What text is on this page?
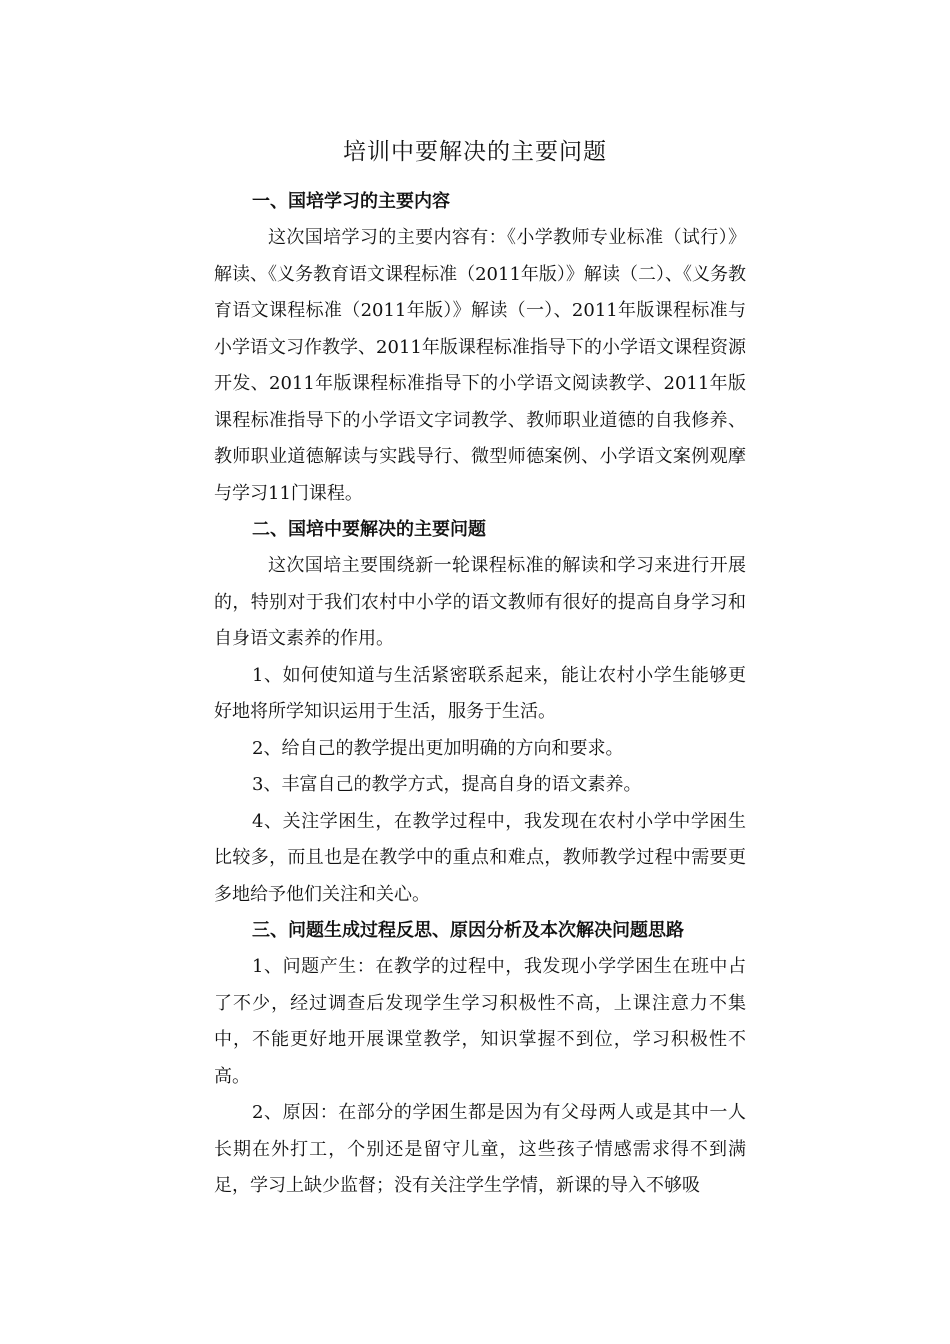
培训中要解决的主要问题

一、国培学习的主要内容

这次国培学习的主要内容有：《小学教师专业标准（试行）》解读、《义务教育语文课程标准（2011年版）》解读（二）、《义务教育语文课程标准（2011年版）》解读（一）、2011年版课程标准与小学语文习作教学、2011年版课程标准指导下的小学语文课程资源开发、2011年版课程标准指导下的小学语文阅读教学、2011年版课程标准指导下的小学语文字词教学、教师职业道德的自我修养、教师职业道德解读与实践导行、微型师德案例、小学语文案例观摩与学习11门课程。

二、国培中要解决的主要问题

这次国培主要围绕新一轮课程标准的解读和学习来进行开展的，特别对于我们农村中小学的语文教师有很好的提高自身学习和自身语文素养的作用。

1、如何使知道与生活紧密联系起来，能让农村小学生能够更好地将所学知识运用于生活，服务于生活。

2、给自己的教学提出更加明确的方向和要求。

3、丰富自己的教学方式，提高自身的语文素养。

4、关注学困生，在教学过程中，我发现在农村小学中学困生比较多，而且也是在教学中的重点和难点，教师教学过程中需要更多地给予他们关注和关心。

三、问题生成过程反思、原因分析及本次解决问题思路

1、问题产生：在教学的过程中，我发现小学学困生在班中占了不少，经过调查后发现学生学习积极性不高，上课注意力不集中，不能更好地开展课堂教学，知识掌握不到位，学习积极性不高。

2、原因：在部分的学困生都是因为有父母两人或是其中一人长期在外打工，个别还是留守儿童，这些孩子情感需求得不到满足，学习上缺少监督；没有关注学生学情，新课的导入不够吸
